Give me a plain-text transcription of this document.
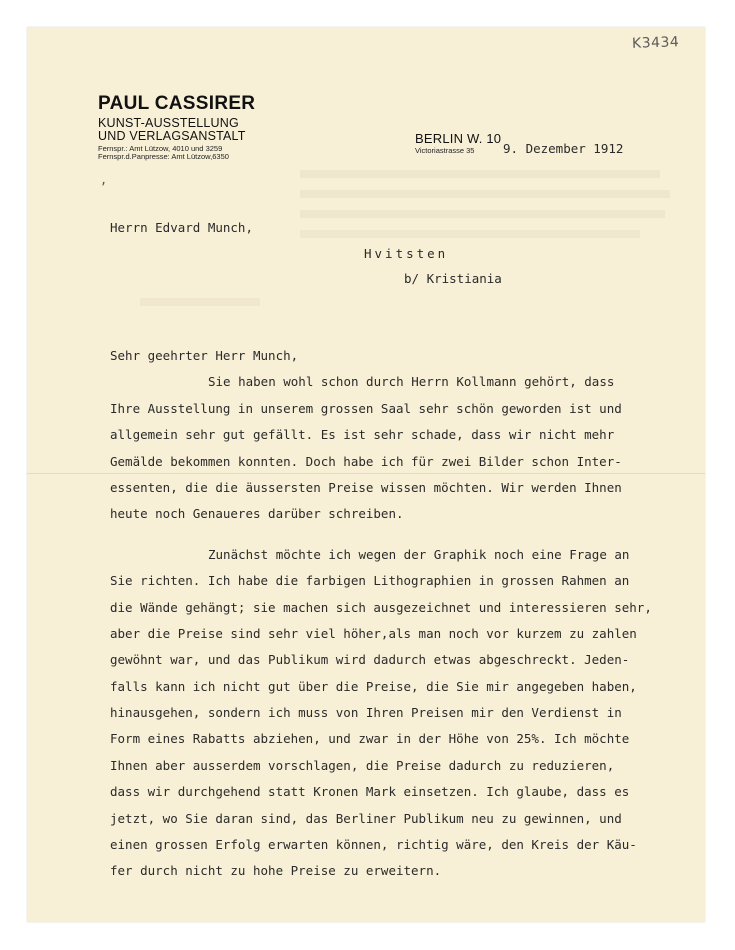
K3434
PAUL CASSIRER
KUNST-AUSSTELLUNG
UND VERLAGSANSTALT
Fernspr.: Amt Lützow, 4010 und 3259
Fernspr.d.Panpresse: Amt Lützow,6350
BERLIN W. 10
Victoriastrasse 35 9. Dezember 1912
,
Herrn Edvard Munch,
Hvitsten
b/ Kristiania
Sehr geehrter Herr Munch,
Sie haben wohl schon durch Herrn Kollmann gehört, dass
Ihre Ausstellung in unserem grossen Saal sehr schön geworden ist und
allgemein sehr gut gefällt. Es ist sehr schade, dass wir nicht mehr
Gemälde bekommen konnten. Doch habe ich für zwei Bilder schon Inter-
essenten, die die äussersten Preise wissen möchten. Wir werden Ihnen
heute noch Genaueres darüber schreiben.
Zunächst möchte ich wegen der Graphik noch eine Frage an
Sie richten. Ich habe die farbigen Lithographien in grossen Rahmen an
die Wände gehängt; sie machen sich ausgezeichnet und interessieren sehr,
aber die Preise sind sehr viel höher,als man noch vor kurzem zu zahlen
gewöhnt war, und das Publikum wird dadurch etwas abgeschreckt. Jeden-
falls kann ich nicht gut über die Preise, die Sie mir angegeben haben,
hinausgehen, sondern ich muss von Ihren Preisen mir den Verdienst in
Form eines Rabatts abziehen, und zwar in der Höhe von 25%. Ich möchte
Ihnen aber ausserdem vorschlagen, die Preise dadurch zu reduzieren,
dass wir durchgehend statt Kronen Mark einsetzen. Ich glaube, dass es
jetzt, wo Sie daran sind, das Berliner Publikum neu zu gewinnen, und
einen grossen Erfolg erwarten können, richtig wäre, den Kreis der Käu-
fer durch nicht zu hohe Preise zu erweitern.
